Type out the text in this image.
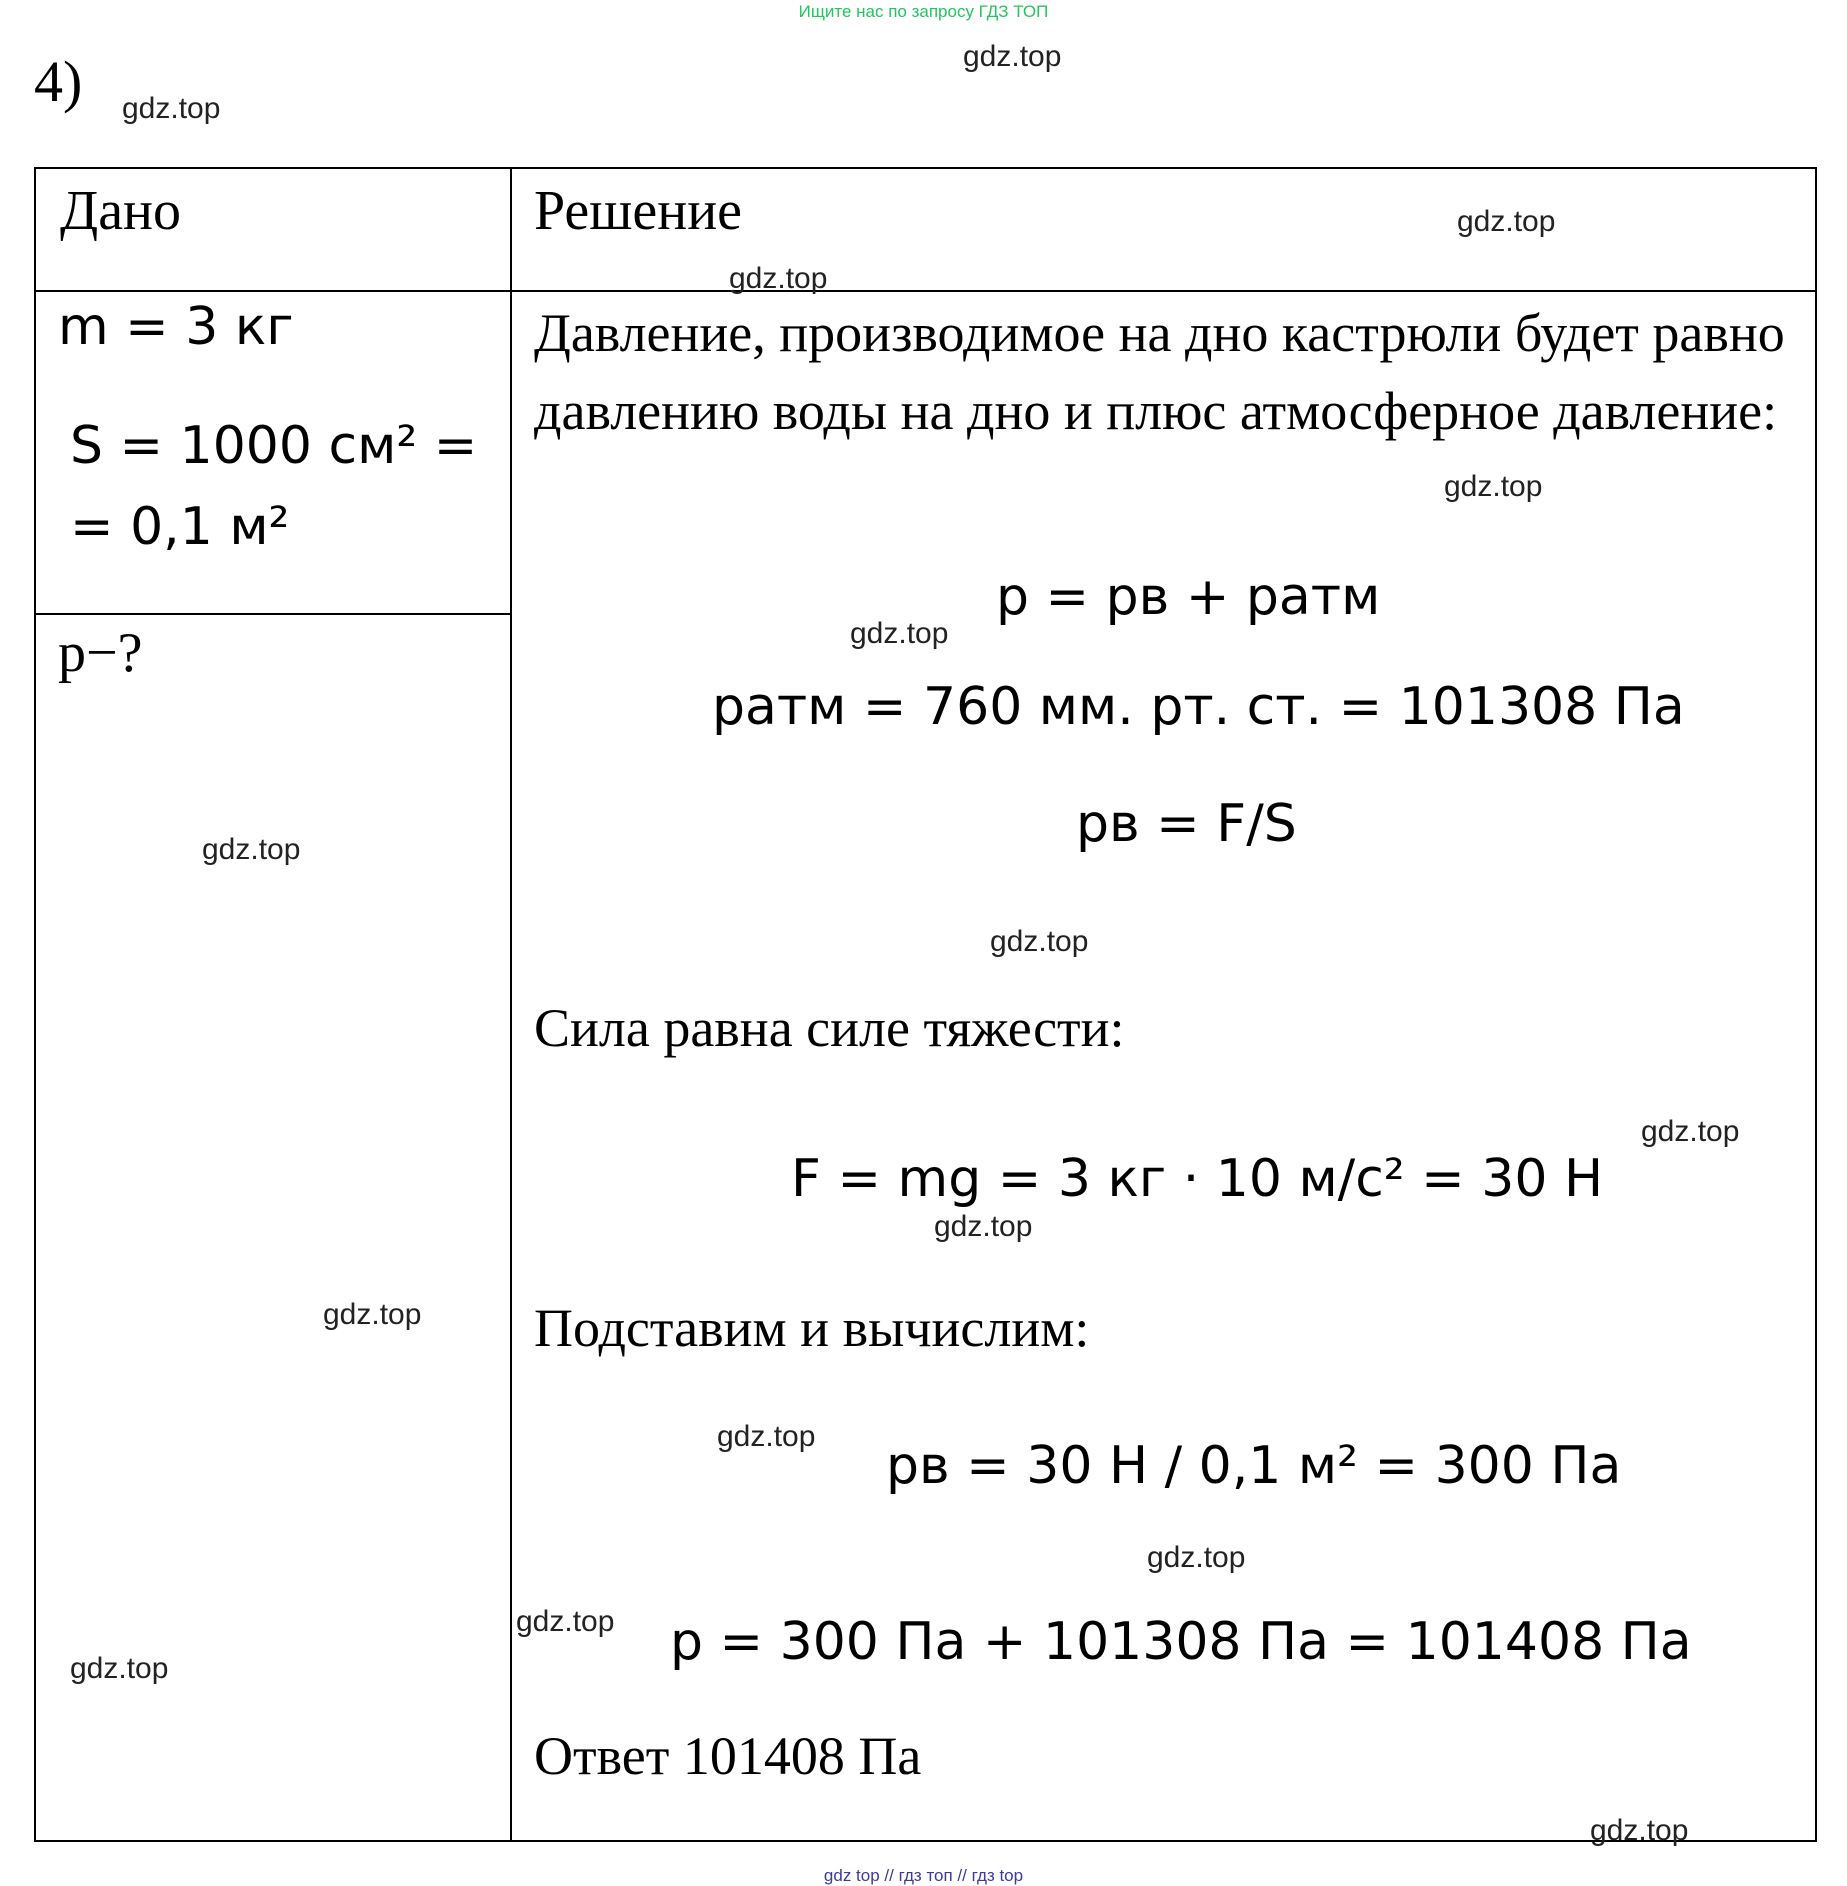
Ищите нас по запросу ГДЗ ТОП
4)
Дано	Решение
m = 3 кг
S = 1000 см² =
= 0,1 м²
p−?
Давление, производимое на дно кастрюли будет равно давлению воды на дно и плюс атмосферное давление:
p = pв + pатм
pатм = 760 мм. рт. ст. = 101308 Па
pв = F/S
Сила равна силе тяжести:
F = mg = 3 кг · 10 м/с² = 30 Н
Подставим и вычислим:
pв = 30 Н / 0,1 м² = 300 Па
p = 300 Па + 101308 Па = 101408 Па
Ответ 101408 Па
gdz.top
gdz.top
gdz.top
gdz.top
gdz.top
gdz.top
gdz.top
gdz.top
gdz.top
gdz.top
gdz.top
gdz.top
gdz.top
gdz.top
gdz.top
gdz.top
gdz top // гдз топ // гдз top
